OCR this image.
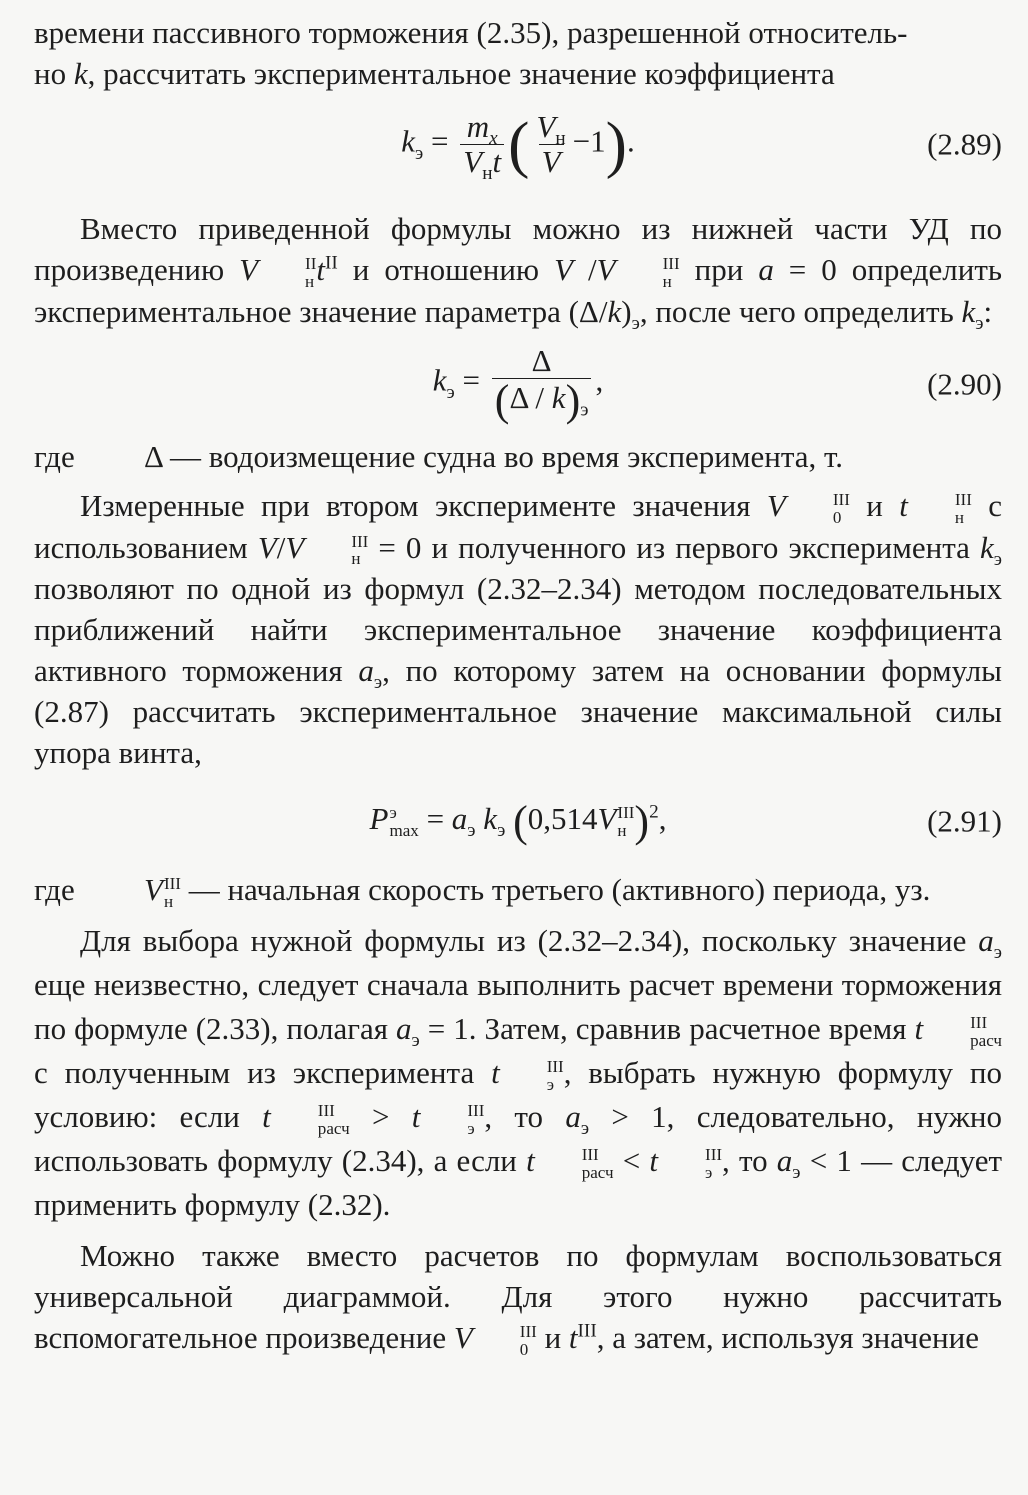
времени пассивного торможения (2.35), разрешенной относитель-
но k, рассчитать экспериментальное значение коэффициента

$k_э = \frac{m_x}{V_нt}$ ( $\frac{V_н}{V} -1$).	(2.89)

Вместо приведенной формулы можно из нижней части УД по произведению V	II
н $t^{II}$ и отношению V /V	III
н при a = 0 определить экспериментальное значение параметра $(\Delta/k)_э$, после чего определить $k_э$:

$k_э = \frac{\Delta}{(\Delta / k)_э}$ ,	(2.90)
где	Δ — водоизмещение судна во время эксперимента, т.

Измеренные при втором эксперименте значения V	III
0 и t	III
н с использованием V/V	III
н = 0 и полученного из первого эксперимента $k_э$ позволяют по одной из формул (2.32–2.34) методом последовательных приближений найти экспериментальное значение коэффициента активного торможения $a_э$, по которому затем на основании формулы (2.87) рассчитать экспериментальное значение максимальной силы упора винта,

P э
$\max = a_э$ $k_э$ (0,514V III
н )$^2$,	(2.91)
где	V III
н — начальная скорость третьего (активного) периода, уз.

Для выбора нужной формулы из (2.32–2.34), поскольку значение $a_э$ еще неизвестно, следует сначала выполнить расчет времени торможения по формуле (2.33), полагая $a_э = 1$. Затем, сравнив расчетное время t	III
расч
с полученным из эксперимента t	III
э , выбрать нужную формулу по условию: если t	III
расч > t	III
э , то $a_э > 1$, следовательно, нужно использовать формулу (2.34), а если t	III
расч < t	III
э , то $a_э < 1$ — следует применить формулу (2.32).

Можно также вместо расчетов по формулам воспользоваться универсальной диаграммой. Для этого нужно рассчитать вспомогательное произведение V	III
0 и $t^{III}$, а затем, используя значение
